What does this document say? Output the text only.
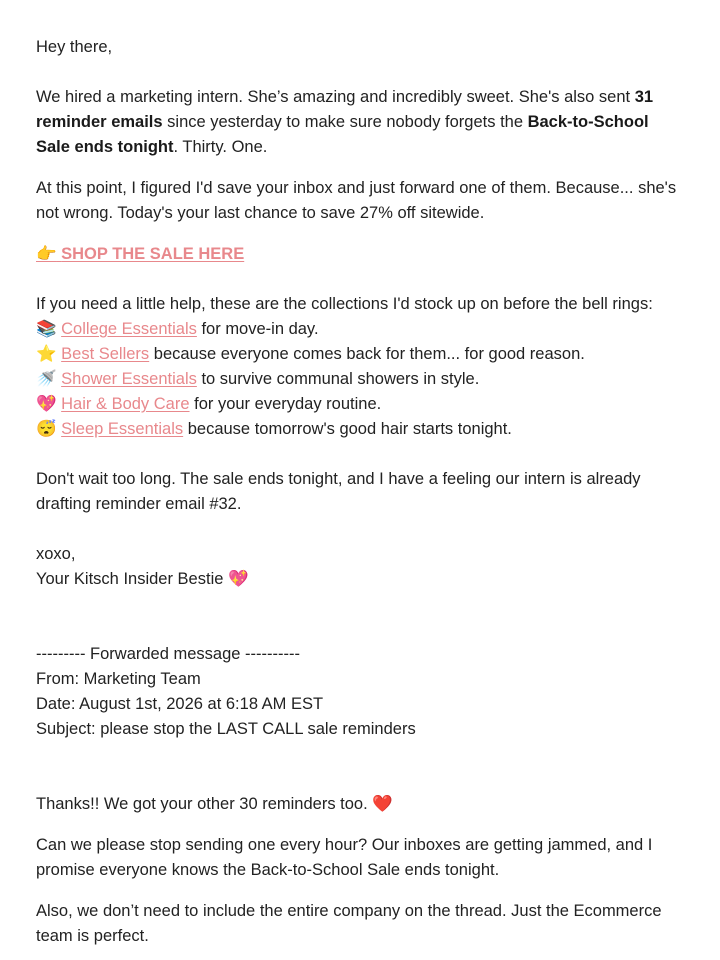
Hey there,

We hired a marketing intern. She’s amazing and incredibly sweet. She's also sent 31 reminder emails since yesterday to make sure nobody forgets the Back-to-School Sale ends tonight. Thirty. One.

At this point, I figured I'd save your inbox and just forward one of them. Because... she's not wrong. Today's your last chance to save 27% off sitewide.

👉 SHOP THE SALE HERE

If you need a little help, these are the collections I'd stock up on before the bell rings:
📚 College Essentials for move-in day.
⭐ Best Sellers because everyone comes back for them... for good reason.
🚿 Shower Essentials to survive communal showers in style.
💖 Hair & Body Care for your everyday routine.
😴 Sleep Essentials because tomorrow's good hair starts tonight.

Don't wait too long. The sale ends tonight, and I have a feeling our intern is already drafting reminder email #32.

xoxo,
Your Kitsch Insider Bestie 💖

--------- Forwarded message ----------
From: Marketing Team
Date: August 1st, 2026 at 6:18 AM EST
Subject: please stop the LAST CALL sale reminders

Thanks!! We got your other 30 reminders too. ❤️

Can we please stop sending one every hour? Our inboxes are getting jammed, and I promise everyone knows the Back-to-School Sale ends tonight.

Also, we don’t need to include the entire company on the thread. Just the Ecommerce team is perfect.
